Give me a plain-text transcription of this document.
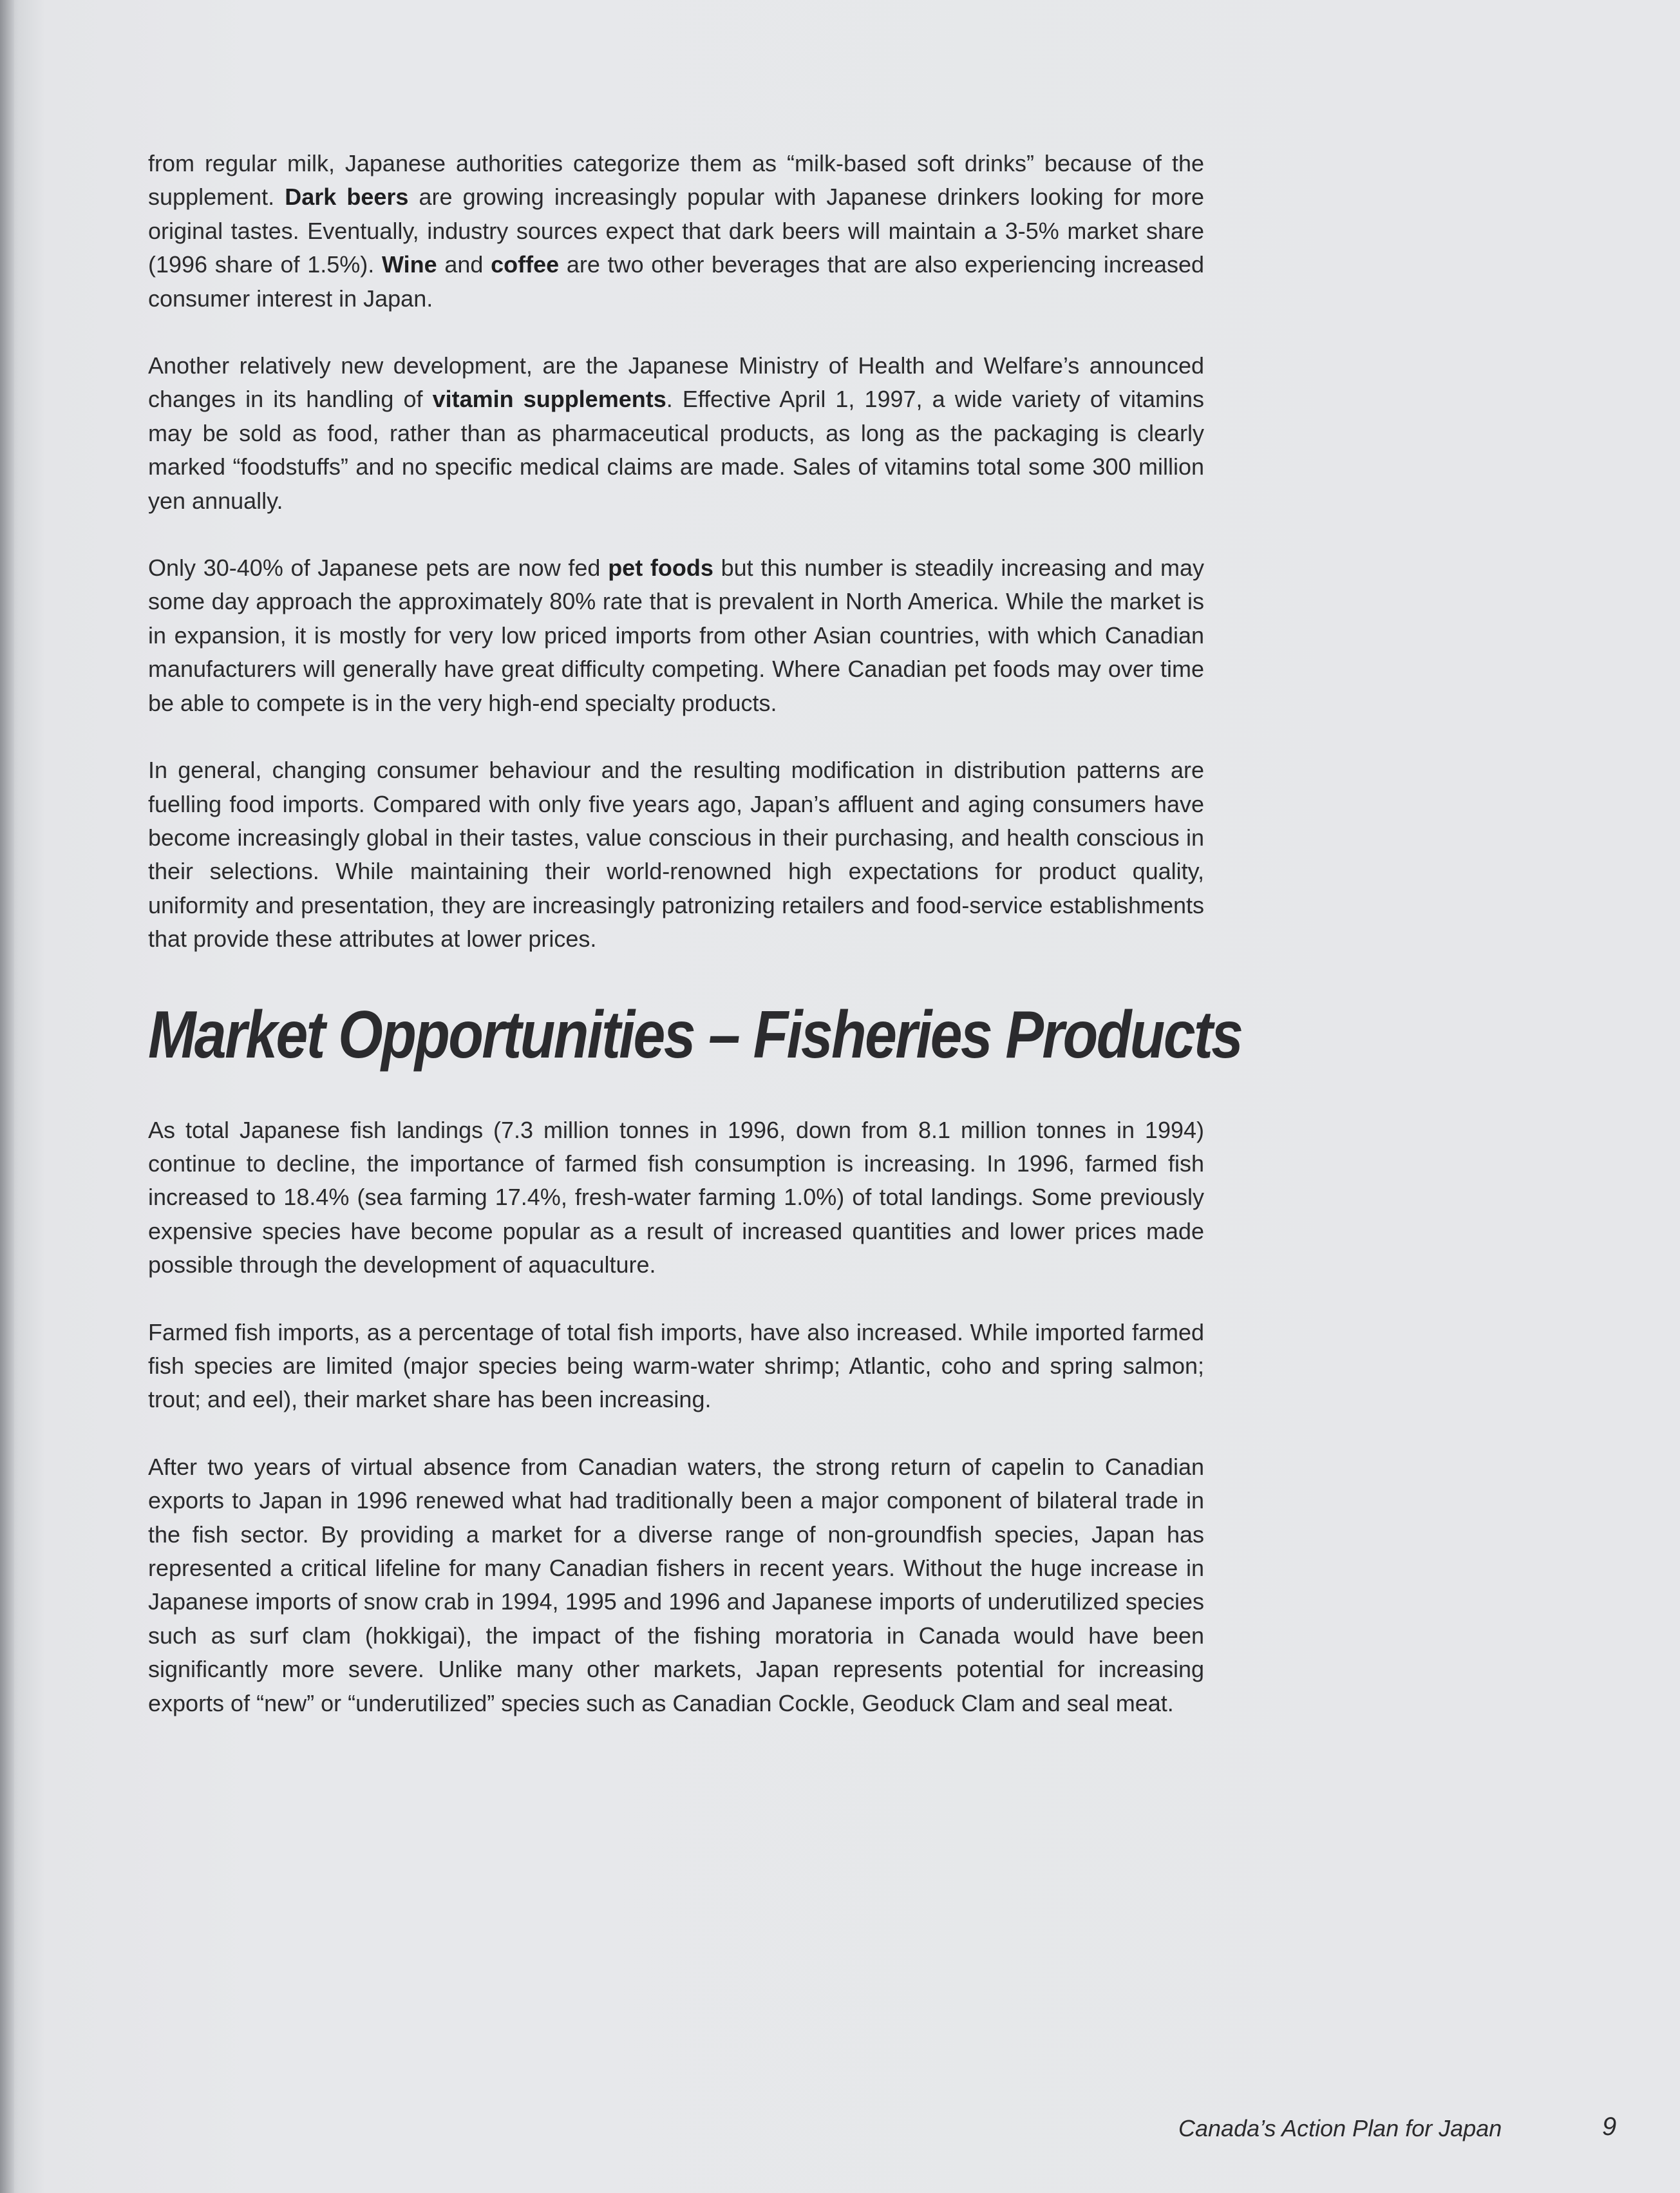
from regular milk, Japanese authorities categorize them as “milk-based soft drinks” because of the supplement. Dark beers are growing increasingly popular with Japanese drinkers looking for more original tastes. Eventually, industry sources expect that dark beers will maintain a 3-5% market share (1996 share of 1.5%). Wine and coffee are two other beverages that are also experiencing increased consumer interest in Japan.
Another relatively new development, are the Japanese Ministry of Health and Welfare’s announced changes in its handling of vitamin supplements. Effective April 1, 1997, a wide variety of vitamins may be sold as food, rather than as pharmaceutical products, as long as the packaging is clearly marked “foodstuffs” and no specific medical claims are made. Sales of vitamins total some 300 million yen annually.
Only 30-40% of Japanese pets are now fed pet foods but this number is steadily increasing and may some day approach the approximately 80% rate that is prevalent in North America. While the market is in expansion, it is mostly for very low priced imports from other Asian countries, with which Canadian manufacturers will generally have great difficulty competing. Where Canadian pet foods may over time be able to compete is in the very high-end specialty products.
In general, changing consumer behaviour and the resulting modification in distribution patterns are fuelling food imports. Compared with only five years ago, Japan’s affluent and aging consumers have become increasingly global in their tastes, value conscious in their purchasing, and health conscious in their selections. While maintaining their world-renowned high expectations for product quality, uniformity and presentation, they are increasingly patronizing retailers and food-service establishments that provide these attributes at lower prices.
Market Opportunities – Fisheries Products
As total Japanese fish landings (7.3 million tonnes in 1996, down from 8.1 million tonnes in 1994) continue to decline, the importance of farmed fish consumption is increasing. In 1996, farmed fish increased to 18.4% (sea farming 17.4%, fresh-water farming 1.0%) of total landings. Some previously expensive species have become popular as a result of increased quantities and lower prices made possible through the development of aquaculture.
Farmed fish imports, as a percentage of total fish imports, have also increased. While imported farmed fish species are limited (major species being warm-water shrimp; Atlantic, coho and spring salmon; trout; and eel), their market share has been increasing.
After two years of virtual absence from Canadian waters, the strong return of capelin to Canadian exports to Japan in 1996 renewed what had traditionally been a major component of bilateral trade in the fish sector. By providing a market for a diverse range of non-groundfish species, Japan has represented a critical lifeline for many Canadian fishers in recent years. Without the huge increase in Japanese imports of snow crab in 1994, 1995 and 1996 and Japanese imports of underutilized species such as surf clam (hokkigai), the impact of the fishing moratoria in Canada would have been significantly more severe. Unlike many other markets, Japan represents potential for increasing exports of “new” or “underutilized” species such as Canadian Cockle, Geoduck Clam and seal meat.
Canada’s Action Plan for Japan	9
